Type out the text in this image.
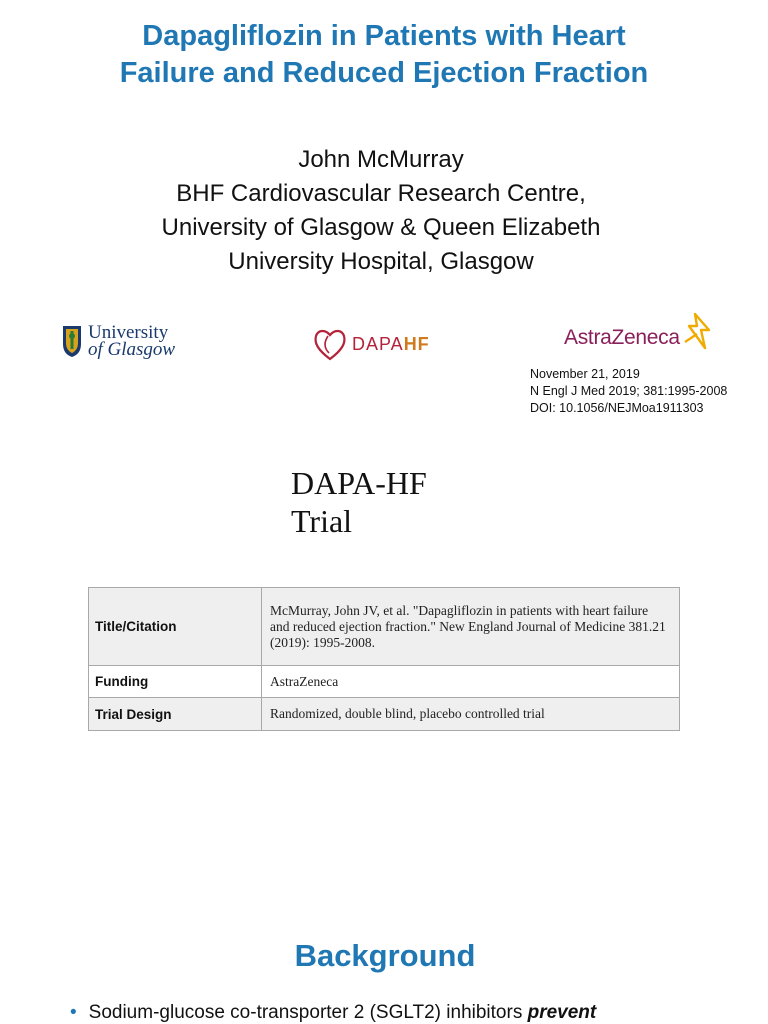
Dapagliflozin in Patients with Heart
Failure and Reduced Ejection Fraction
John McMurray
BHF Cardiovascular Research Centre,
University of Glasgow & Queen Elizabeth
University Hospital, Glasgow
University
of Glasgow	DAPAHF	AstraZeneca
November 21, 2019
N Engl J Med 2019; 381:1995-2008
DOI: 10.1056/NEJMoa1911303
DAPA-HF
Trial
Title/Citation	McMurray, John JV, et al. "Dapagliflozin in patients with heart failure and reduced ejection fraction." New England Journal of Medicine 381.21 (2019): 1995-2008.
Funding	AstraZeneca
Trial Design	Randomized, double blind, placebo controlled trial
Background
• Sodium-glucose co-transporter 2 (SGLT2) inhibitors prevent
